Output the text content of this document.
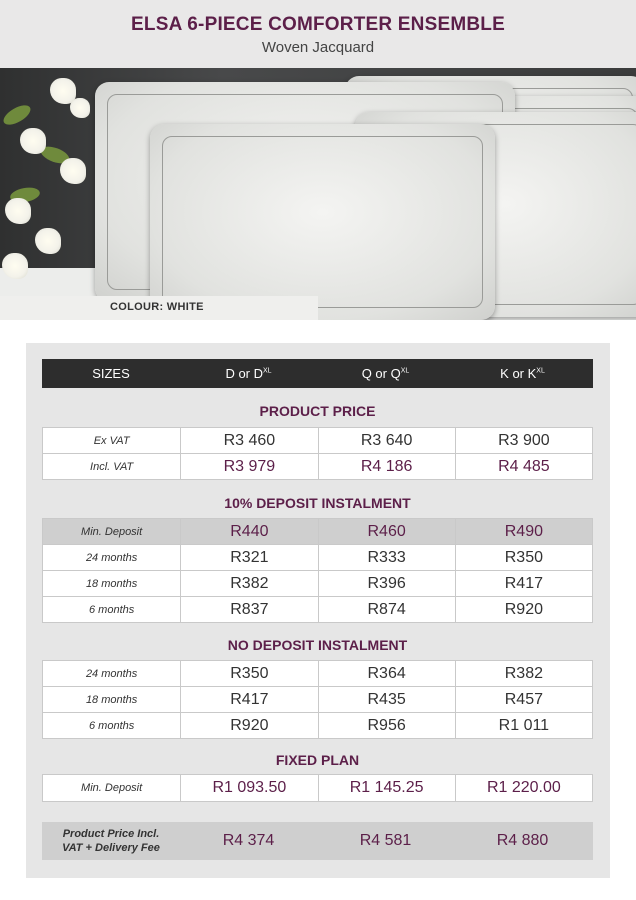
ELSA 6-PIECE COMFORTER ENSEMBLE
Woven Jacquard
COLOUR: WHITE
SIZES	D or $D^{XL}$	Q or $Q^{XL}$	K or $K^{XL}$
PRODUCT PRICE
Ex VAT	R3 460	R3 640	R3 900
Incl. VAT	R3 979	R4 186	R4 485
10% DEPOSIT INSTALMENT
Min. Deposit	R440	R460	R490
24 months	R321	R333	R350
18 months	R382	R396	R417
6 months	R837	R874	R920
NO DEPOSIT INSTALMENT
24 months	R350	R364	R382
18 months	R417	R435	R457
6 months	R920	R956	R1 011
FIXED PLAN
Min. Deposit	R1 093.50	R1 145.25	R1 220.00
Product Price Incl.
VAT + Delivery Fee	R4 374	R4 581	R4 880
